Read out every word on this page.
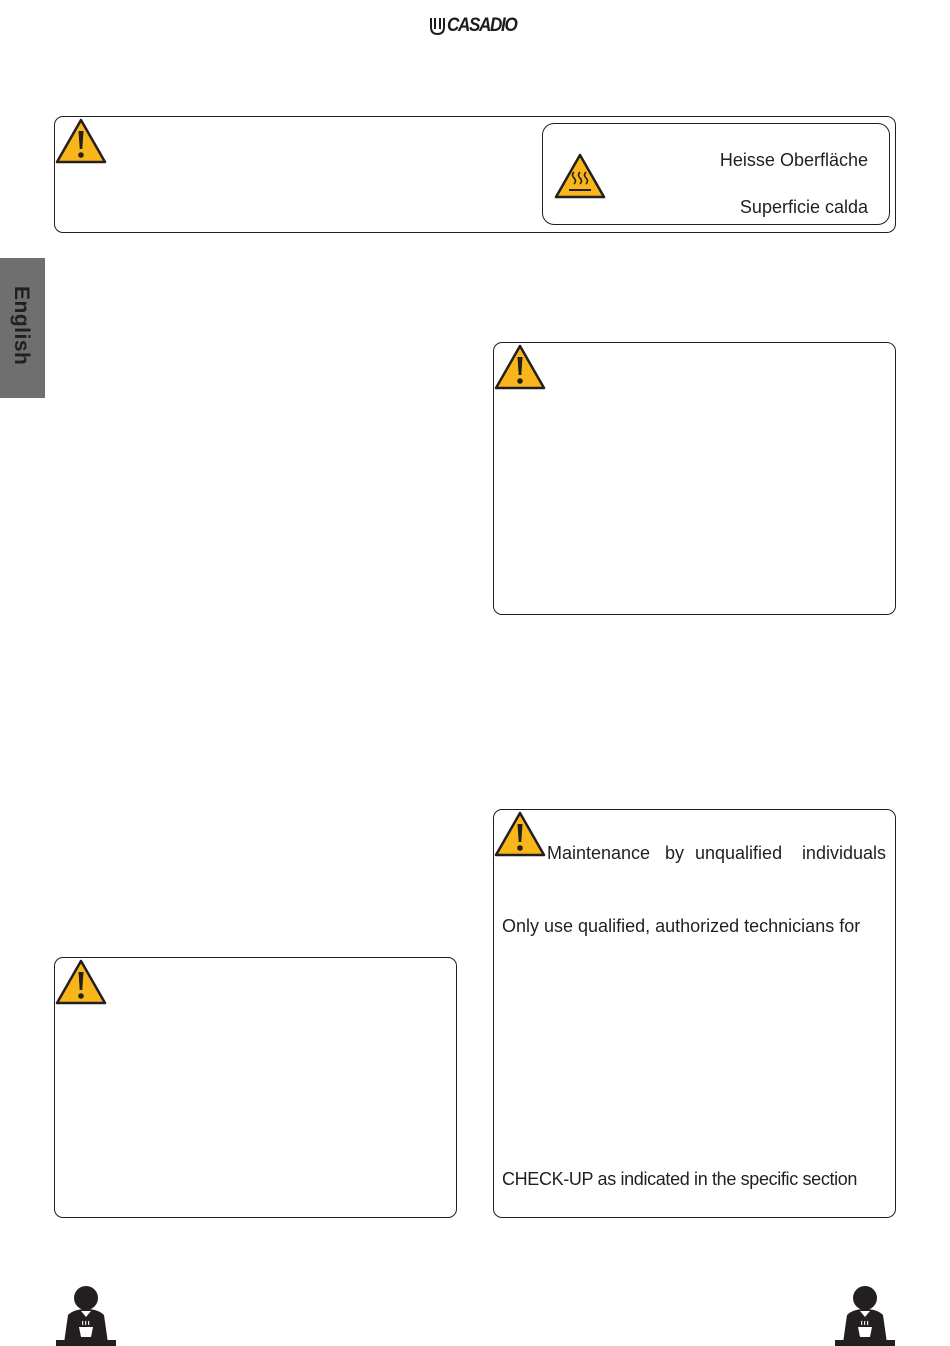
CASADIO
English
Heisse Oberfläche
Superficie calda
Maintenance by unqualified individuals
Only use qualified, authorized technicians for
CHECK-UP as indicated in the specific section
